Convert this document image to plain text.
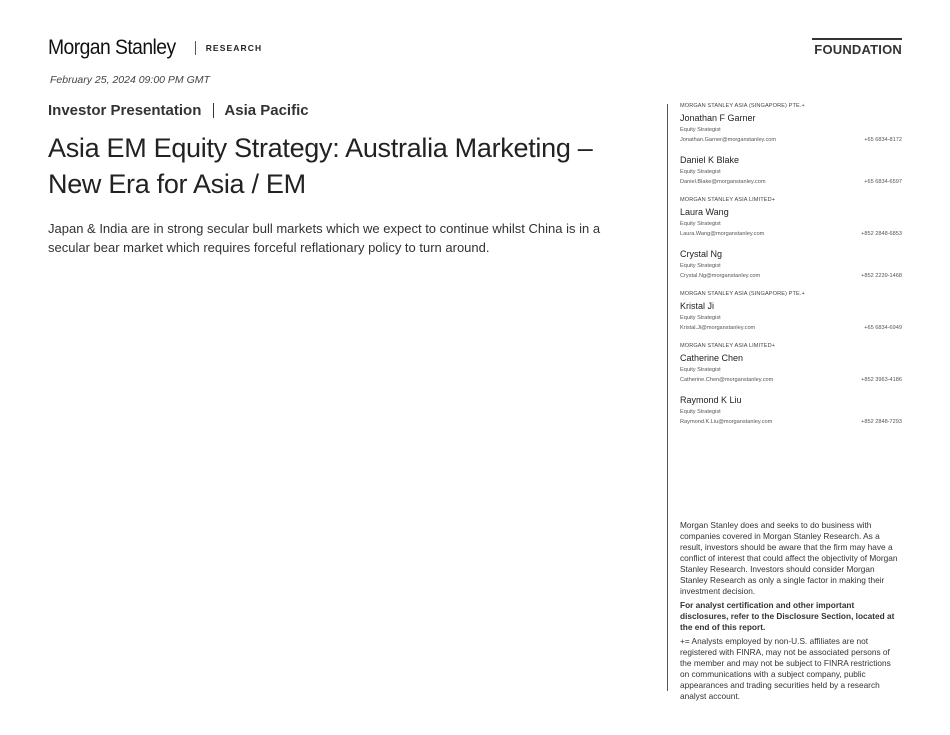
Morgan Stanley	RESEARCH	FOUNDATION
February 25, 2024 09:00 PM GMT
Investor Presentation Asia Pacific
Asia EM Equity Strategy: Australia Marketing – New Era for Asia / EM
Japan & India are in strong secular bull markets which we expect to continue whilst China is in a secular bear market which requires forceful reflationary policy to turn around.
MORGAN STANLEY ASIA (SINGAPORE) PTE.+
Jonathan F Garner
Equity Strategist
Jonathan.Garner@morganstanley.com	+65 6834-8172
Daniel K Blake
Equity Strategist
Daniel.Blake@morganstanley.com	+65 6834-6597
MORGAN STANLEY ASIA LIMITED+
Laura Wang
Equity Strategist
Laura.Wang@morganstanley.com	+852 2848-6853
Crystal Ng
Equity Strategist
Crystal.Ng@morganstanley.com	+852 2239-1468
MORGAN STANLEY ASIA (SINGAPORE) PTE.+
Kristal Ji
Equity Strategist
Kristal.Ji@morganstanley.com	+65 6834-6949
MORGAN STANLEY ASIA LIMITED+
Catherine Chen
Equity Strategist
Catherine.Chen@morganstanley.com	+852 3963-4186
Raymond K Liu
Equity Strategist
Raymond.K.Liu@morganstanley.com	+852 2848-7293

Morgan Stanley does and seeks to do business with companies covered in Morgan Stanley Research. As a result, investors should be aware that the firm may have a conflict of interest that could affect the objectivity of Morgan Stanley Research. Investors should consider Morgan Stanley Research as only a single factor in making their investment decision.

For analyst certification and other important disclosures, refer to the Disclosure Section, located at the end of this report.

+= Analysts employed by non-U.S. affiliates are not registered with FINRA, may not be associated persons of the member and may not be subject to FINRA restrictions on communications with a subject company, public appearances and trading securities held by a research analyst account.
